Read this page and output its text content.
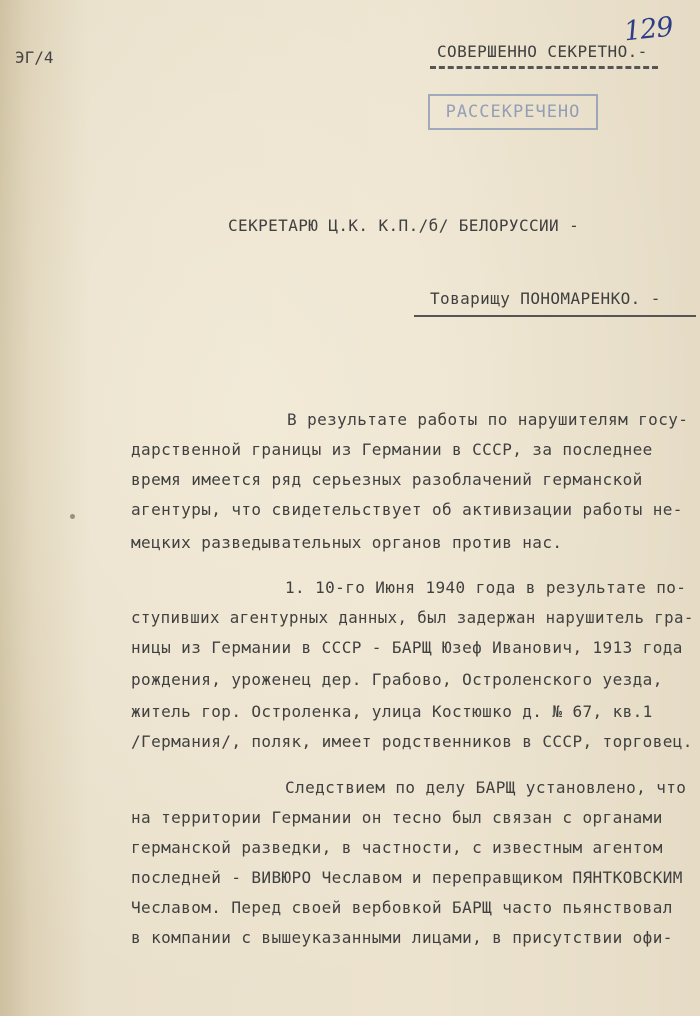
ЭГ/4
129
СОВЕРШЕННО СЕКРЕТНО.-
РАССЕКРЕЧЕНО
СЕКРЕТАРЮ Ц.К. К.П./б/ БЕЛОРУССИИ -
Товарищу ПОНОМАРЕНКО. -
В результате работы по нарушителям госу-
дарственной границы из Германии в СССР, за последнее
время имеется ряд серьезных разоблачений германской
агентуры, что свидетельствует об активизации работы не-
мецких разведывательных органов против нас.
1. 10-го Июня 1940 года в результате по-
ступивших агентурных данных, был задержан нарушитель гра-
ницы из Германии в СССР - БАРЩ Юзеф Иванович, 1913 года
рождения, уроженец дер. Грабово, Остроленского уезда,
житель гор. Остроленка, улица Костюшко д. № 67, кв.1
/Германия/, поляк, имеет родственников в СССР, торговец.
Следствием по делу БАРЩ установлено, что
на территории Германии он тесно был связан с органами
германской разведки, в частности, с известным агентом
последней - ВИВЮРО Чеславом и переправщиком ПЯНТКОВСКИМ
Чеславом. Перед своей вербовкой БАРЩ часто пьянствовал
в компании с вышеуказанными лицами, в присутствии офи-
